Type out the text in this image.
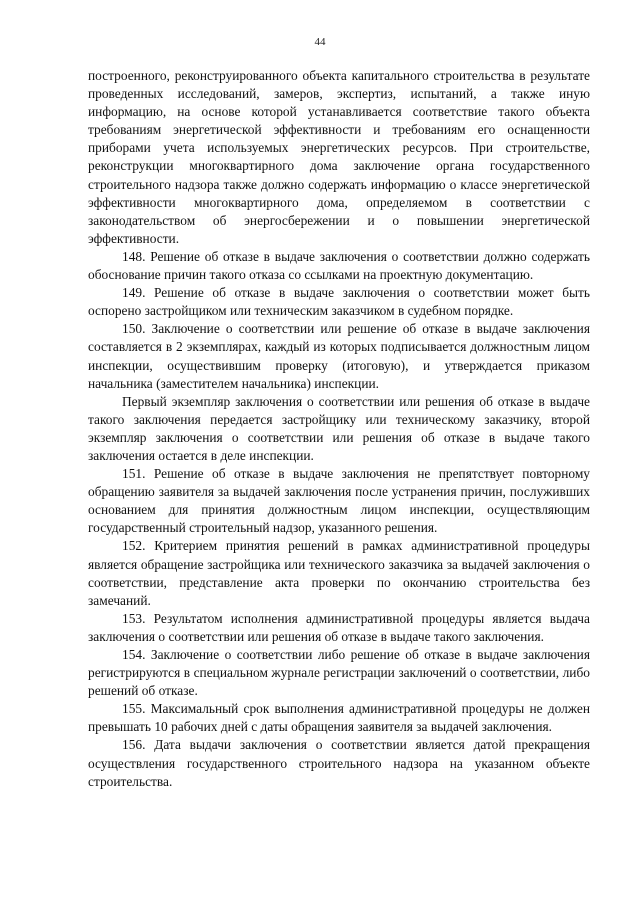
44

построенного, реконструированного объекта капитального строительства в результате проведенных исследований, замеров, экспертиз, испытаний, а также иную информацию, на основе которой устанавливается соответствие такого объекта требованиям энергетической эффективности и требованиям его оснащенности приборами учета используемых энергетических ресурсов. При строительстве, реконструкции многоквартирного дома заключение органа государственного строительного надзора также должно содержать информацию о классе энергетической эффективности многоквартирного дома, определяемом в соответствии с законодательством об энергосбережении и о повышении энергетической эффективности.

148. Решение об отказе в выдаче заключения о соответствии должно содержать обоснование причин такого отказа со ссылками на проектную документацию.

149. Решение об отказе в выдаче заключения о соответствии может быть оспорено застройщиком или техническим заказчиком в судебном порядке.

150. Заключение о соответствии или решение об отказе в выдаче заключения составляется в 2 экземплярах, каждый из которых подписывается должностным лицом инспекции, осуществившим проверку (итоговую), и утверждается приказом начальника (заместителем начальника) инспекции.

Первый экземпляр заключения о соответствии или решения об отказе в выдаче такого заключения передается застройщику или техническому заказчику, второй экземпляр заключения о соответствии или решения об отказе в выдаче такого заключения остается в деле инспекции.

151. Решение об отказе в выдаче заключения не препятствует повторному обращению заявителя за выдачей заключения после устранения причин, послуживших основанием для принятия должностным лицом инспекции, осуществляющим государственный строительный надзор, указанного решения.

152. Критерием принятия решений в рамках административной процедуры является обращение застройщика или технического заказчика за выдачей заключения о соответствии, представление акта проверки по окончанию строительства без замечаний.

153. Результатом исполнения административной процедуры является выдача заключения о соответствии или решения об отказе в выдаче такого заключения.

154. Заключение о соответствии либо решение об отказе в выдаче заключения регистрируются в специальном журнале регистрации заключений о соответствии, либо решений об отказе.

155. Максимальный срок выполнения административной процедуры не должен превышать 10 рабочих дней с даты обращения заявителя за выдачей заключения.

156. Дата выдачи заключения о соответствии является датой прекращения осуществления государственного строительного надзора на указанном объекте строительства.
